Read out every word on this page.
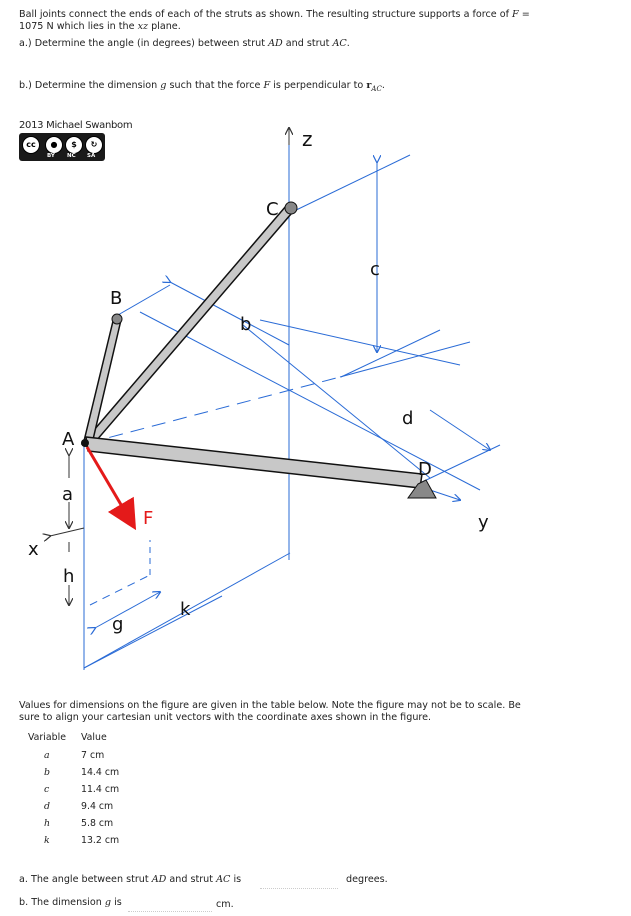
Ball joints connect the ends of each of the struts as shown. The resulting structure supports a force of F =
1075 N which lies in the xz plane.
a.) Determine the angle (in degrees) between strut AD and strut AC.
b.) Determine the dimension g such that the force F is perpendicular to $r_{AC}$.
2013 Michael Swanbom
cc	●	$	↻
BY NC SA
z
C
c
B
b
A
d
D
a
F	y
x
h
g
k
Values for dimensions on the figure are given in the table below. Note the figure may not be to scale. Be
sure to align your cartesian unit vectors with the coordinate axes shown in the figure.
Variable Value
a	7 cm
b	14.4 cm
c	11.4 cm
d	9.4 cm
h	5.8 cm
k	13.2 cm
a. The angle between strut AD and strut AC is	degrees.
b. The dimension g is	cm.
